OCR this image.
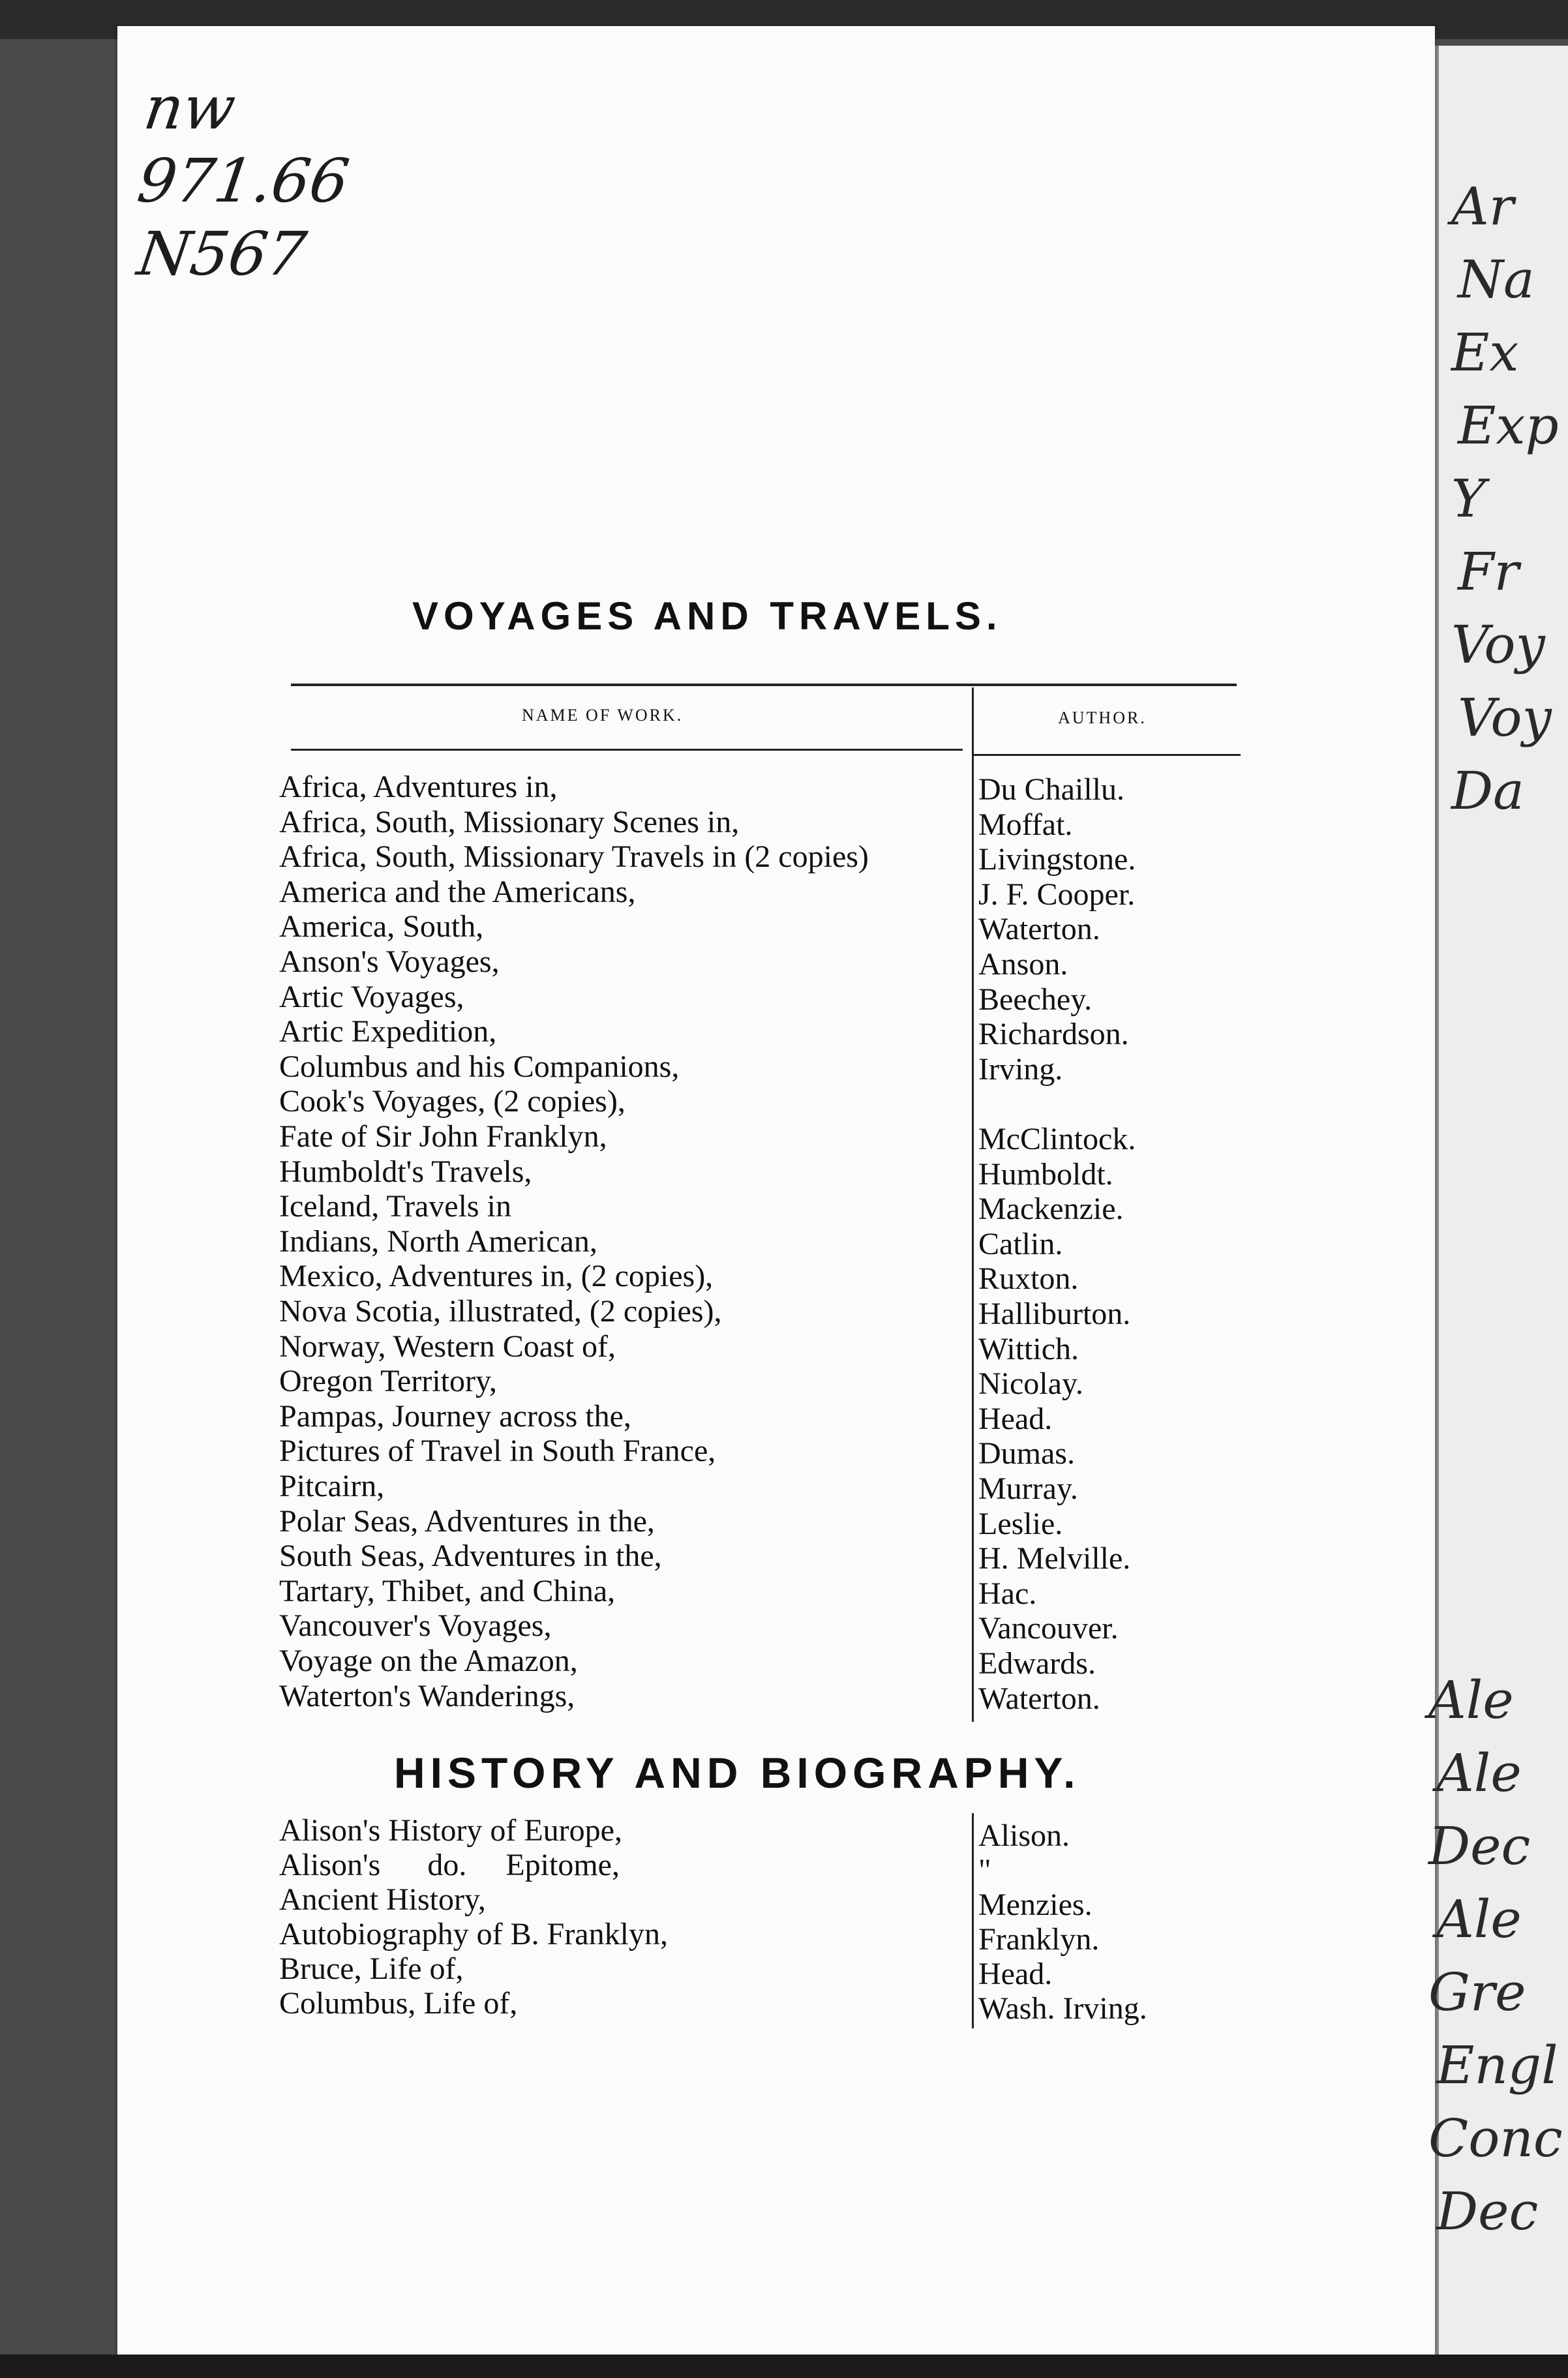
nw
971.66
N567
Ar
Na
Ex
Exp
Y
Fr
Voy
Voy
Da
Ale
Ale
Dec
Ale
Gre
Engl
Conc
Dec
VOYAGES AND TRAVELS.
NAME OF WORK.	AUTHOR.
Africa, Adventures in,	Du Chaillu.
Africa, South, Missionary Scenes in,	Moffat.
Africa, South, Missionary Travels in (2 copies)	Livingstone.
America and the Americans,	J. F. Cooper.
America, South,	Waterton.
Anson's Voyages,	Anson.
Artic Voyages,	Beechey.
Artic Expedition,	Richardson.
Columbus and his Companions,	Irving.
Cook's Voyages, (2 copies),
Fate of Sir John Franklyn,	McClintock.
Humboldt's Travels,	Humboldt.
Iceland, Travels in	Mackenzie.
Indians, North American,	Catlin.
Mexico, Adventures in, (2 copies),	Ruxton.
Nova Scotia, illustrated, (2 copies),	Halliburton.
Norway, Western Coast of,	Wittich.
Oregon Territory,	Nicolay.
Pampas, Journey across the,	Head.
Pictures of Travel in South France,	Dumas.
Pitcairn,	Murray.
Polar Seas, Adventures in the,	Leslie.
South Seas, Adventures in the,	H. Melville.
Tartary, Thibet, and China,	Hac.
Vancouver's Voyages,	Vancouver.
Voyage on the Amazon,	Edwards.
Waterton's Wanderings,	Waterton.
HISTORY AND BIOGRAPHY.
Alison's History of Europe,	Alison.
Alison's      do.     Epitome,	"
Ancient History,	Menzies.
Autobiography of B. Franklyn,	Franklyn.
Bruce, Life of,	Head.
Columbus, Life of,	Wash. Irving.
